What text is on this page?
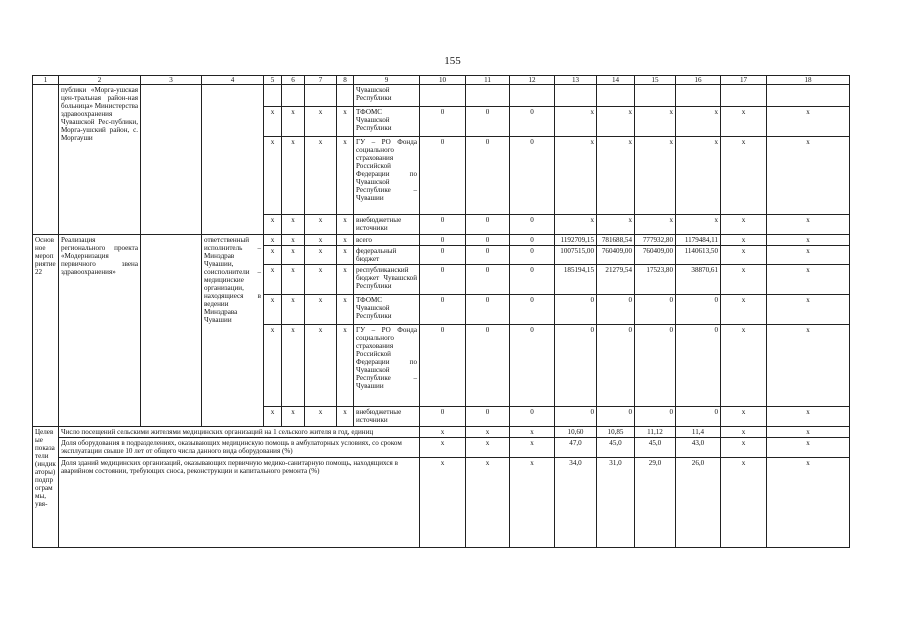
155
1	2	3	4	5	6	7	8	9	10	11	12	13	14	15	16	17	18
	публики «Морга-ушская цен-тральная район-ная больница» Министерства здравоохранения Чувашской Рес-публики, Морга-ушский район, с. Моргауши							Чувашской Республики									
				х	х	х	х	ТФОМС Чувашской Республики	0	0	0	х	х	х	х	х	х
				х	х	х	х	ГУ – РО Фонда социального страхования Российской Федерации по Чувашской Республике – Чувашии	0	0	0	х	х	х	х	х	х
				х	х	х	х	внебюджетные источники	0	0	0	х	х	х	х	х	х
Основное мероприятие 22	Реализация регионального проекта «Модернизация первичного звена здравоохранения»		ответственный исполнитель – Минздрав Чувашии, соисполнители – медицинские организации, находящиеся в ведении Минздрава Чувашии	х	х	х	х	всего	0	0	0	1192709,15	781688,54	777932,80	1179484,11	х	х
				х	х	х	х	федеральный бюджет	0	0	0	1007515,00	760409,00	760409,00	1140613,50	х	х
				х	х	х	х	республиканский бюджет Чувашской Республики	0	0	0	185194,15	21279,54	17523,80	38870,61	х	х
				х	х	х	х	ТФОМС Чувашской Республики	0	0	0	0	0	0	0	х	х
				х	х	х	х	ГУ – РО Фонда социального страхования Российской Федерации по Чувашской Республике – Чувашии	0	0	0	0	0	0	0	х	х
				х	х	х	х	внебюджетные источники	0	0	0	0	0	0	0	х	х
Целевые показатели (индикаторы) подпрограммы, увя-	Число посещений сельскими жителями медицинских организаций на 1 сельского жителя в год, единиц								х	х	х	10,60	10,85	11,12	11,4	х	х
	Доля оборудования в подразделениях, оказывающих медицинскую помощь в амбулаторных условиях, со сроком эксплуатации свыше 10 лет от общего числа данного вида оборудования (%)								х	х	х	47,0	45,0	45,0	43,0	х	х
	Доля зданий медицинских организаций, оказывающих первичную медико-санитарную помощь, находящихся в аварийном состоянии, требующих сноса, реконструкции и капитального ремонта (%)								х	х	х	34,0	31,0	29,0	26,0	х	х
